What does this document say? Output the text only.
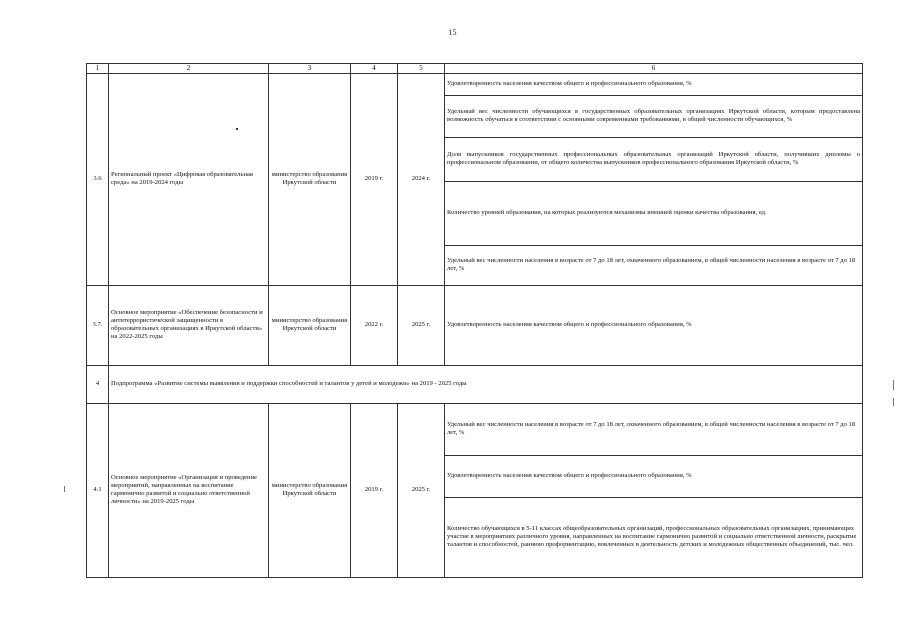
15
1	2	3	4	5	6
3.6	Региональный проект «Цифровая образовательная среда» на 2019-2024 годы	министерство образования Иркутской области	2019 г.	2024 г.	Удовлетворенность населения качеством общего и профессионального образования, %
					Удельный вес численности обучающихся в государственных образовательных организациях Иркутской области, которым предоставлена возможность обучаться в соответствии с основными современными требованиями, в общей численности обучающихся, %
					Доля выпускников государственных профессиональных образовательных организаций Иркутской области, получивших дипломы о профессиональном образовании, от общего количества выпускников профессионального образования Иркутской области, %
					Количество уровней образования, на которых реализуются механизмы внешней оценки качества образования, ед.
					Удельный вес численности населения в возрасте от 7 до 18 лет, охваченного образованием, в общей численности населения в возрасте от 7 до 18 лет, %
3.7.	Основное мероприятие «Обеспечение безопасности и антитеррористической защищенности в образовательных организациях в Иркутской области» на 2022-2025 годы	министерство образования Иркутской области	2022 г.	2025 г.	Удовлетворенность населения качеством общего и профессионального образования, %
4	Подпрограмма «Развитие системы выявления и поддержки способностей и талантов у детей и молодежи» на 2019 - 2025 годы				
4.1	Основное мероприятие «Организация и проведение мероприятий, направленных на воспитание гармонично развитой и социально ответственной личности» на 2019-2025 годы	министерство образования Иркутской области	2019 г.	2025 г.	Удельный вес численности населения в возрасте от 7 до 18 лет, охваченного образованием, в общей численности населения в возрасте от 7 до 18 лет, %
					Удовлетворенность населения качеством общего и профессионального образования, %
					Количество обучающихся в 5-11 классах общеобразовательных организаций, профессиональных образовательных организациях, принимающих участие в мероприятиях различного уровня, направленных на воспитание гармонично развитой и социально ответственной личности, раскрытие талантов и способностей, раннюю профориентацию, вовлеченных в деятельность детских и молодежных общественных объединений, тыс. чел.
